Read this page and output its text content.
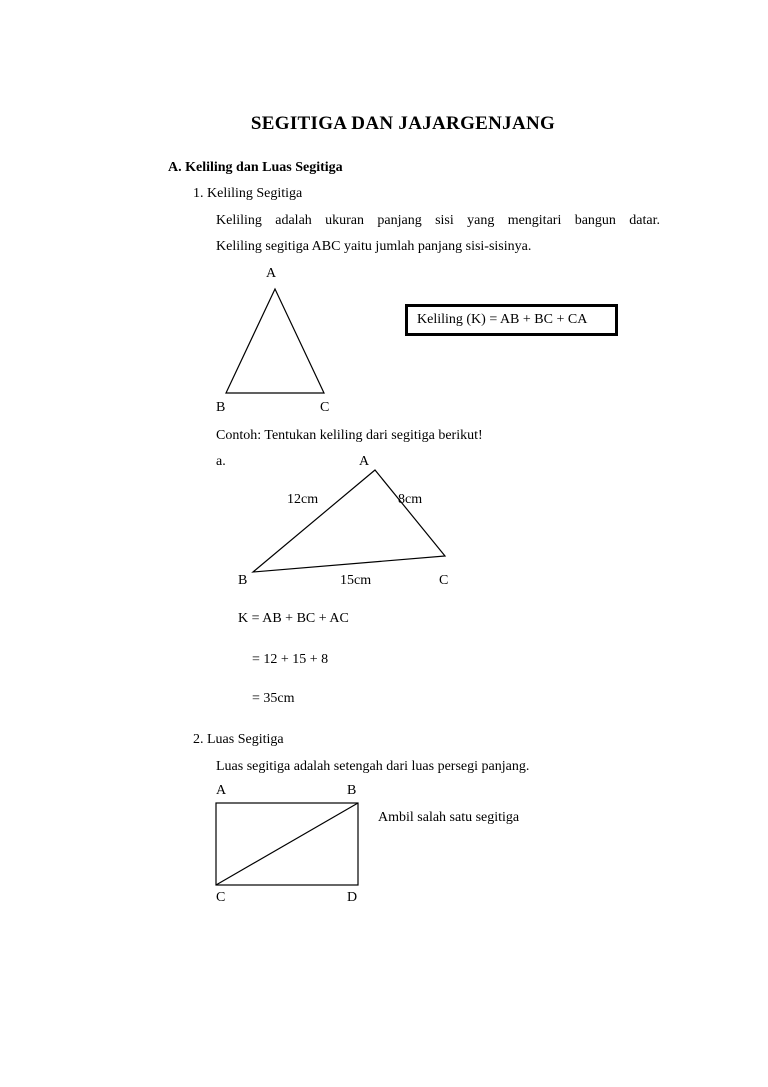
SEGITIGA DAN JAJARGENJANG
A. Keliling dan Luas Segitiga
1. Keliling Segitiga
Keliling adalah ukuran panjang sisi yang mengitari bangun datar.
Keliling segitiga ABC yaitu jumlah panjang sisi-sisinya.
A
B	C
Keliling (K) = AB + BC + CA
Contoh: Tentukan keliling dari segitiga berikut!
a.	A
12cm	8cm
B	15cm	C
K = AB + BC + AC
= 12 + 15 + 8
= 35cm
2. Luas Segitiga
Luas segitiga adalah setengah dari luas persegi panjang.
A	B
Ambil salah satu segitiga
C	D
